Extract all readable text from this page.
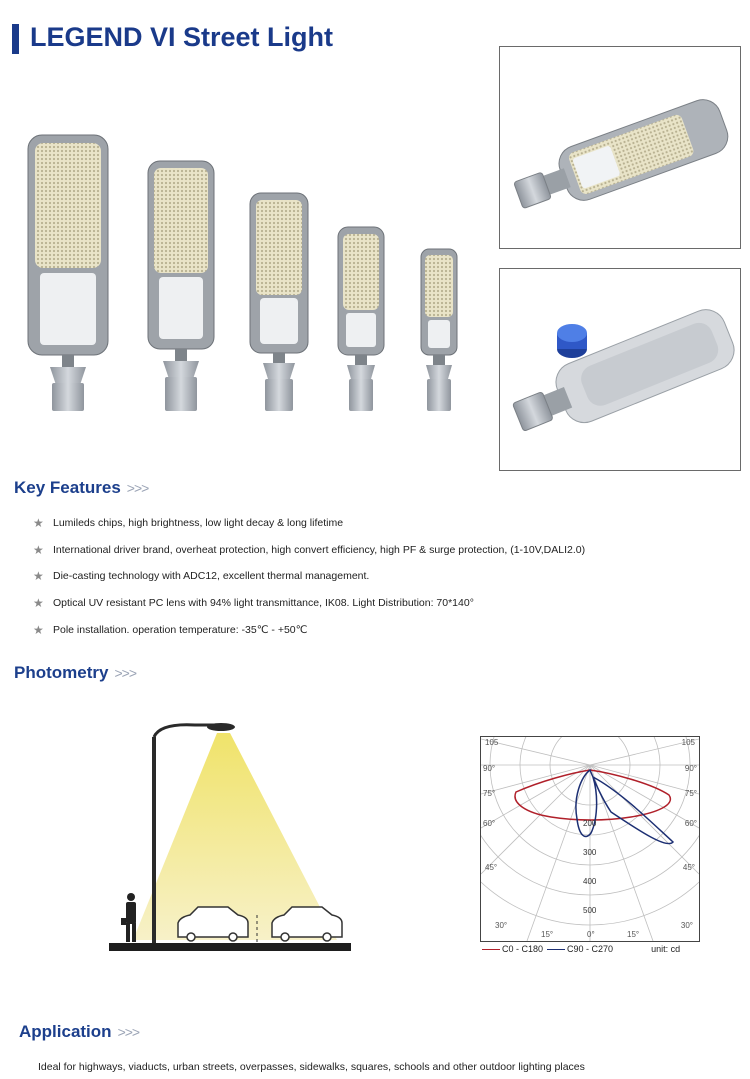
LEGEND VI Street Light
Key Features >>>
★ Lumileds chips, high brightness, low light decay & long lifetime
★ International driver brand, overheat protection, high convert efficiency, high PF & surge protection, (1-10V,DALI2.0)
★ Die-casting technology with ADC12, excellent thermal management.
★ Optical UV resistant PC lens with 94% light transmittance, IK08. Light Distribution: 70*140°
★ Pole installation. operation temperature: -35℃ - +50℃
Photometry >>>
105	105
90°
75°
60°
45°
30°
90°
75°
60°
45°
30°
15°	0°	15°
200
300
400
500
C0 - C180	C90 - C270	unit: cd
Application >>>
Ideal for highways, viaducts, urban streets, overpasses, sidewalks, squares, schools and other outdoor lighting places
